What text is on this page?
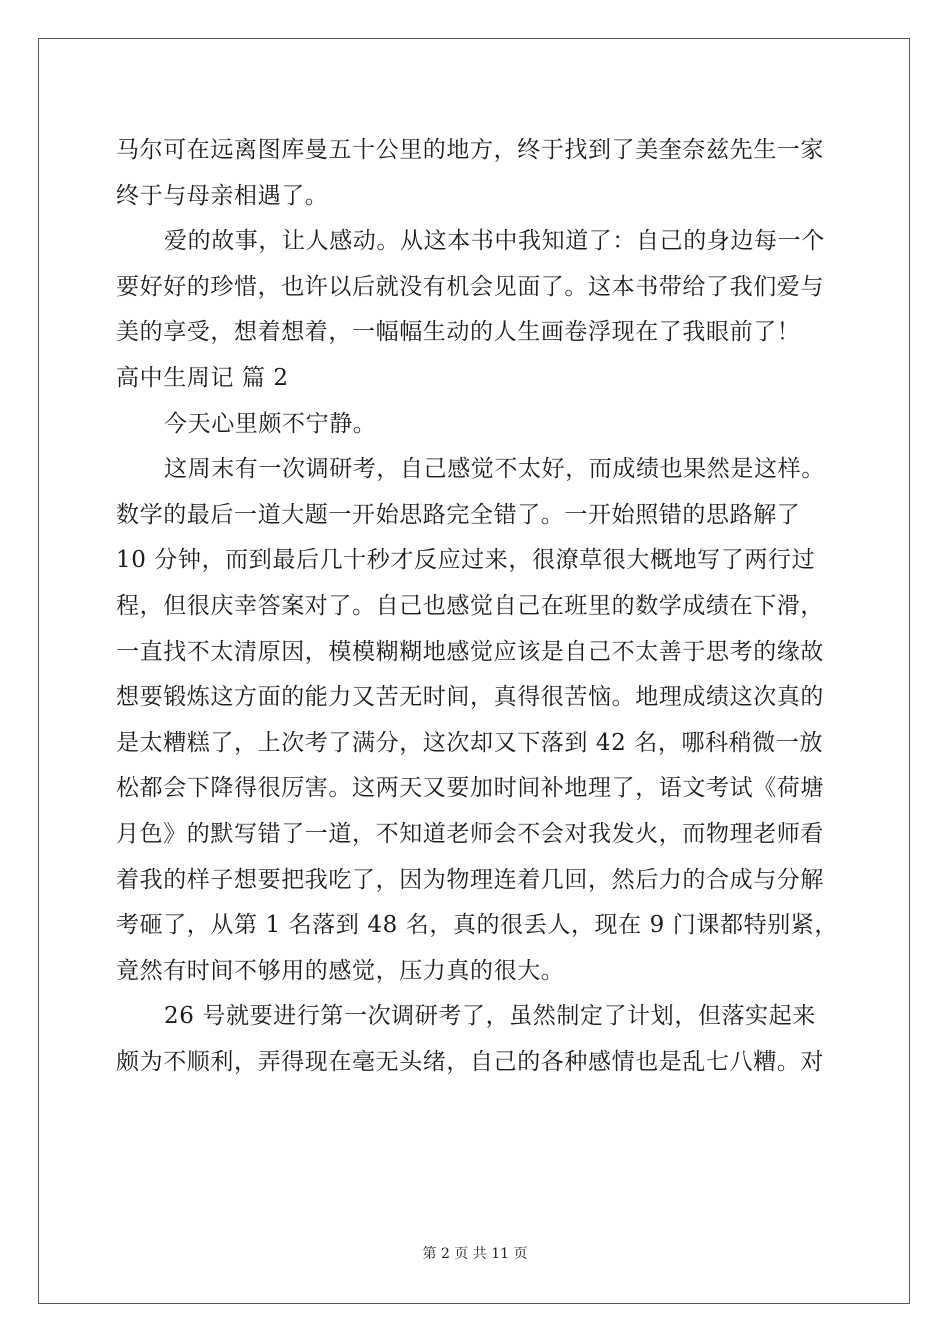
马尔可在远离图库曼五十公里的地方，终于找到了美奎奈兹先生一家
终于与母亲相遇了。
爱的故事，让人感动。从这本书中我知道了：自己的身边每一个
要好好的珍惜，也许以后就没有机会见面了。这本书带给了我们爱与
美的享受，想着想着，一幅幅生动的人生画卷浮现在了我眼前了！
高中生周记 篇 2
今天心里颇不宁静。
这周末有一次调研考，自己感觉不太好，而成绩也果然是这样。
数学的最后一道大题一开始思路完全错了。一开始照错的思路解了
10 分钟，而到最后几十秒才反应过来，很潦草很大概地写了两行过
程，但很庆幸答案对了。自己也感觉自己在班里的数学成绩在下滑，
一直找不太清原因，模模糊糊地感觉应该是自己不太善于思考的缘故
想要锻炼这方面的能力又苦无时间，真得很苦恼。地理成绩这次真的
是太糟糕了，上次考了满分，这次却又下落到 42 名，哪科稍微一放
松都会下降得很厉害。这两天又要加时间补地理了，语文考试《荷塘
月色》的默写错了一道，不知道老师会不会对我发火，而物理老师看
着我的样子想要把我吃了，因为物理连着几回，然后力的合成与分解
考砸了，从第 1 名落到 48 名，真的很丢人，现在 9 门课都特别紧，
竟然有时间不够用的感觉，压力真的很大。
26 号就要进行第一次调研考了，虽然制定了计划，但落实起来
颇为不顺利，弄得现在毫无头绪，自己的各种感情也是乱七八糟。对
第 2 页 共 11 页
